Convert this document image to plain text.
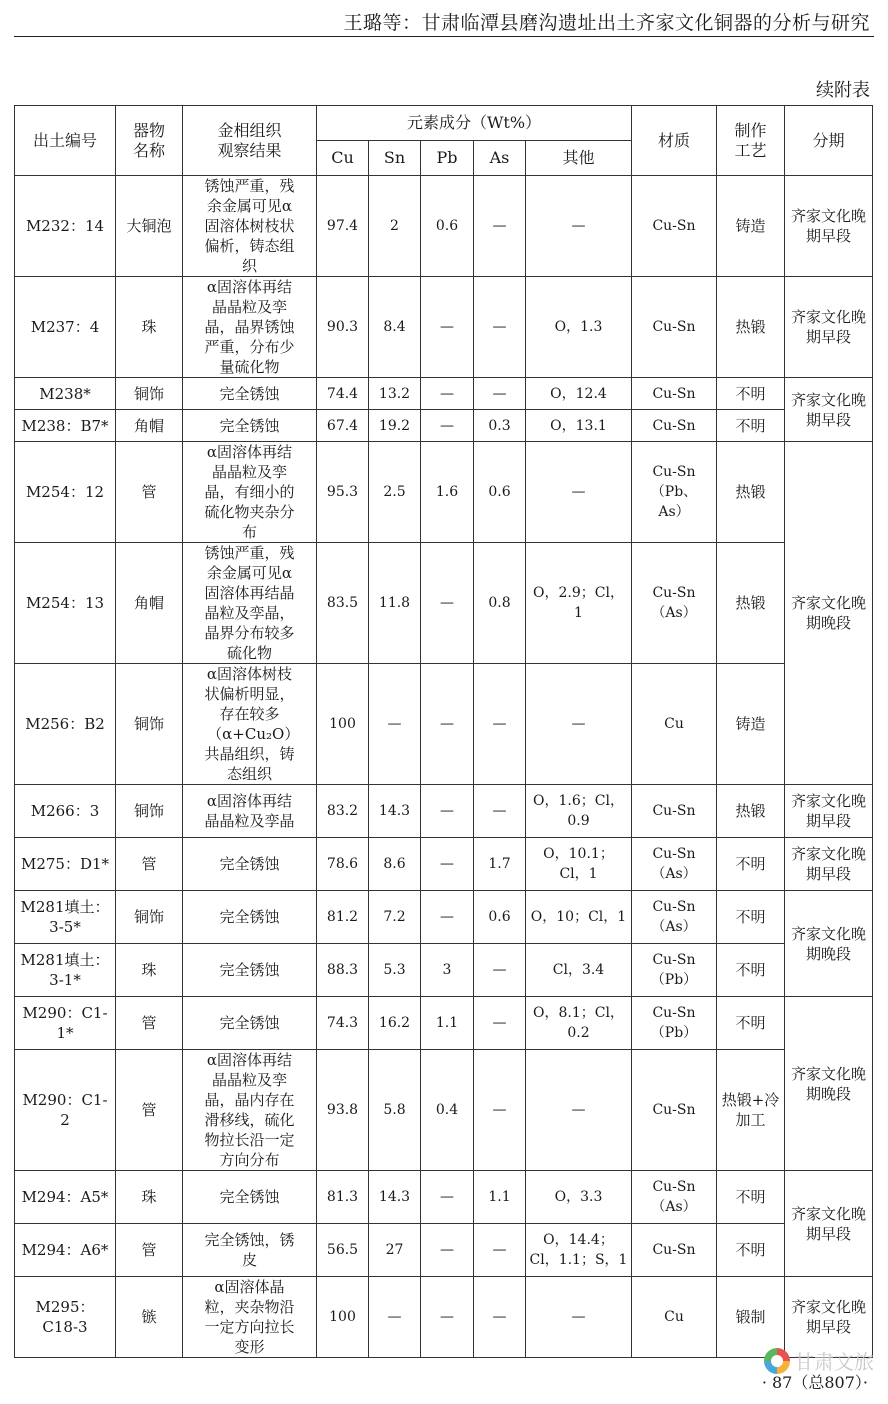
王璐等：甘肃临潭县磨沟遗址出土齐家文化铜器的分析与研究
续附表
出土编号	器物名称	金相组织观察结果	元素成分（Wt%）					材质	制作工艺	分期
			Cu	Sn	Pb	As	其他			

M232：14	大铜泡	锈蚀严重，残余金属可见α固溶体树枝状偏析，铸态组织	97.4	2	0.6	—	—	Cu-Sn	铸造	齐家文化晚期早段

M237：4	珠	α固溶体再结晶晶粒及孪晶，晶界锈蚀严重，分布少量硫化物	90.3	8.4	—	—	O，1.3	Cu-Sn	热锻	齐家文化晚期早段

M238*	铜饰	完全锈蚀	74.4	13.2	—	—	O，12.4	Cu-Sn	不明	齐家文化晚期早段

M238：B7*	角帽	完全锈蚀	67.4	19.2	—	0.3	O，13.1	Cu-Sn	不明	

M254：12	管	α固溶体再结晶晶粒及孪晶，有细小的硫化物夹杂分布	95.3	2.5	1.6	0.6	—	Cu-Sn（Pb、As）	热锻	齐家文化晚期晚段

M254：13	角帽	锈蚀严重，残余金属可见α固溶体再结晶晶粒及孪晶，晶界分布较多硫化物	83.5	11.8	—	0.8	O，2.9；Cl，1	Cu-Sn（As）	热锻	

M256：B2	铜饰	α固溶体树枝状偏析明显，存在较多（α+Cu₂O）共晶组织，铸态组织	100	—	—	—	—	Cu	铸造	

M266：3	铜饰	α固溶体再结晶晶粒及孪晶	83.2	14.3	—	—	O，1.6；Cl，0.9	Cu-Sn	热锻	齐家文化晚期早段

M275：D1*	管	完全锈蚀	78.6	8.6	—	1.7	O，10.1；Cl，1	Cu-Sn（As）	不明	齐家文化晚期早段

M281填土：3-5*	铜饰	完全锈蚀	81.2	7.2	—	0.6	O，10；Cl，1	Cu-Sn（As）	不明	齐家文化晚期晚段

M281填土：3-1*	珠	完全锈蚀	88.3	5.3	3	—	Cl，3.4	Cu-Sn（Pb）	不明	

M290：C1-1*	管	完全锈蚀	74.3	16.2	1.1	—	O，8.1；Cl，0.2	Cu-Sn（Pb）	不明	齐家文化晚期晚段

M290：C1-2	管	α固溶体再结晶晶粒及孪晶，晶内存在滑移线，硫化物拉长沿一定方向分布	93.8	5.8	0.4	—	—	Cu-Sn	热锻+冷加工	

M294：A5*	珠	完全锈蚀	81.3	14.3	—	1.1	O，3.3	Cu-Sn（As）	不明	齐家文化晚期早段

M294：A6*	管	完全锈蚀，锈皮	56.5	27	—	—	O，14.4；Cl，1.1；S，1	Cu-Sn	不明	

M295：C18-3	镞	α固溶体晶粒，夹杂物沿一定方向拉长变形	100	—	—	—	—	Cu	锻制	齐家文化晚期早段
甘肃文旅
· 87（总807）·
